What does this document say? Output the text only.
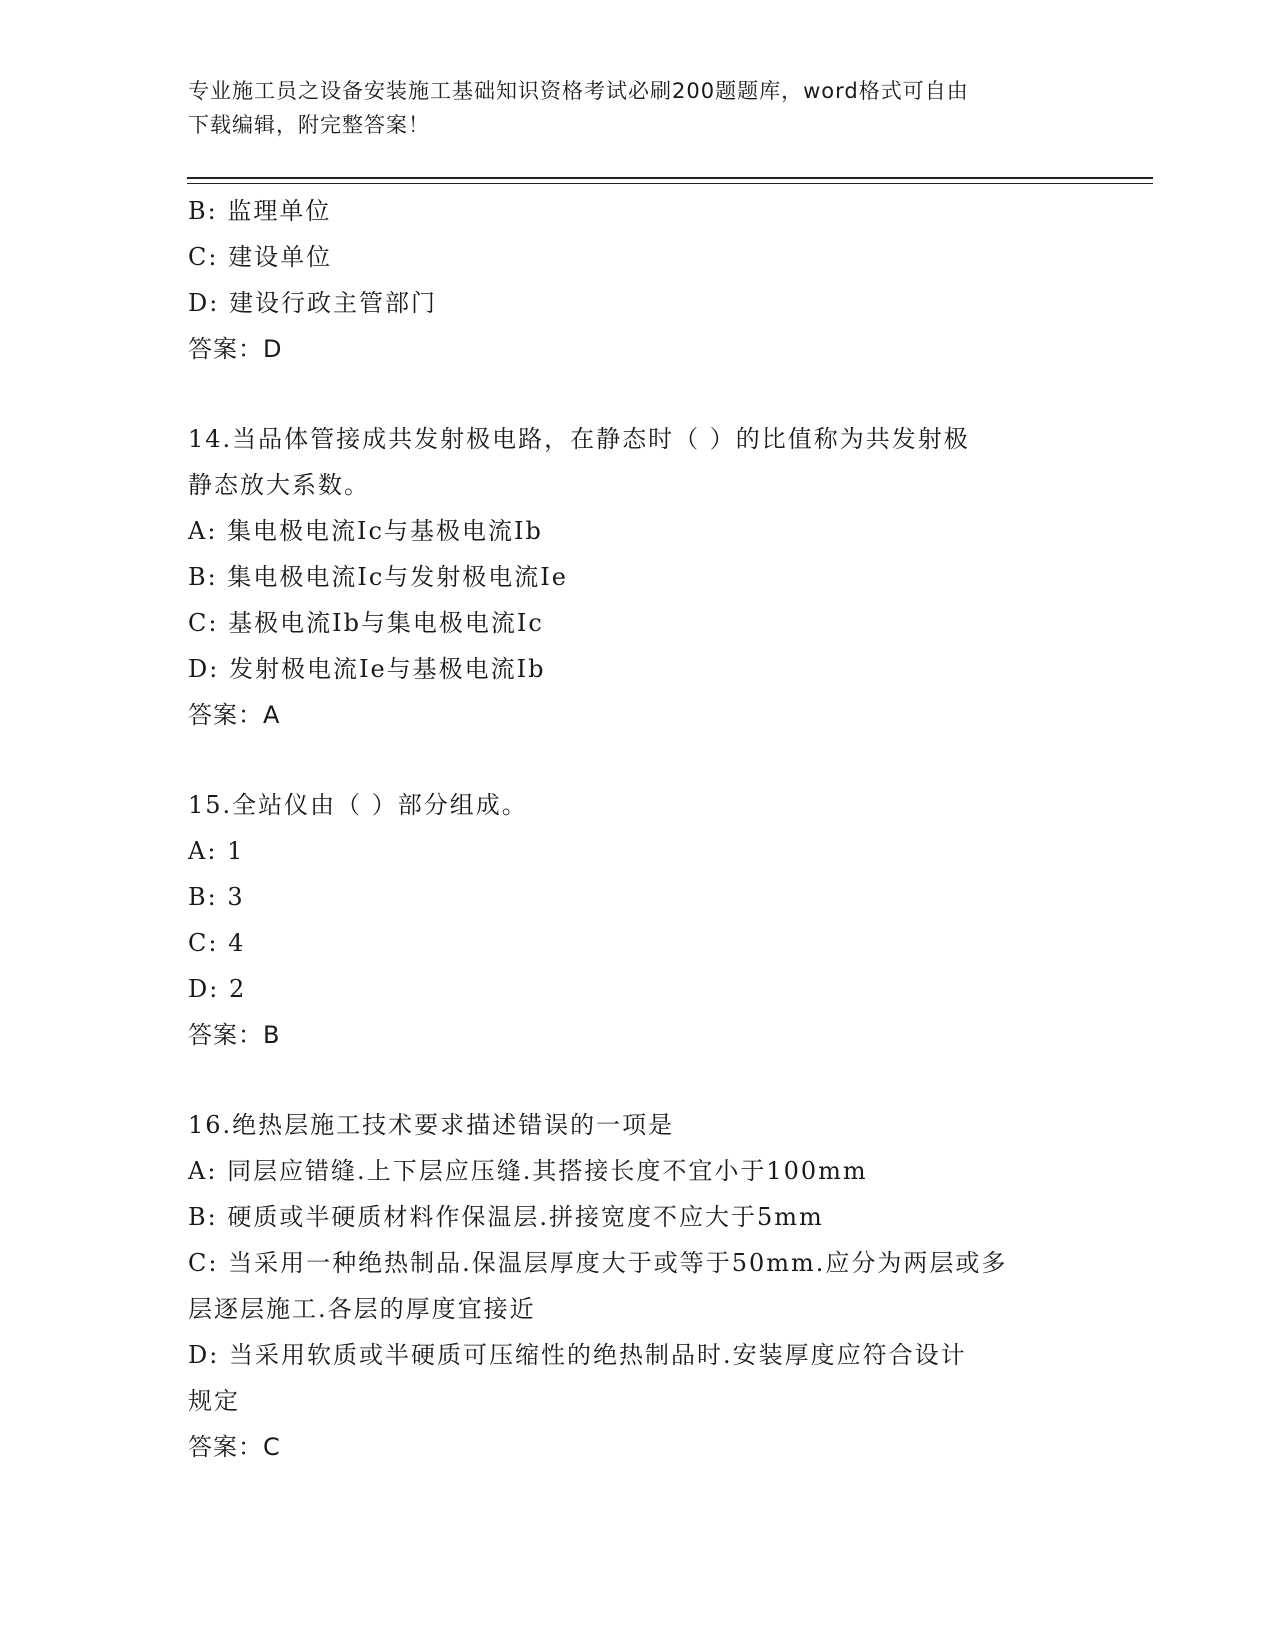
专业施工员之设备安装施工基础知识资格考试必刷200题题库，word格式可自由
下载编辑，附完整答案！
B: 监理单位
C: 建设单位
D: 建设行政主管部门
答案：D
14.当品体管接成共发射极电路，在静态时（ ）的比值称为共发射极
静态放大系数。
A: 集电极电流Ic与基极电流Ib
B: 集电极电流Ic与发射极电流Ie
C: 基极电流Ib与集电极电流Ic
D: 发射极电流Ie与基极电流Ib
答案：A
15.全站仪由（ ）部分组成。
A: 1
B: 3
C: 4
D: 2
答案：B
16.绝热层施工技术要求描述错误的一项是
A: 同层应错缝.上下层应压缝.其搭接长度不宜小于100mm
B: 硬质或半硬质材料作保温层.拼接宽度不应大于5mm
C: 当采用一种绝热制品.保温层厚度大于或等于50mm.应分为两层或多
层逐层施工.各层的厚度宜接近
D: 当采用软质或半硬质可压缩性的绝热制品时.安装厚度应符合设计
规定
答案：C
